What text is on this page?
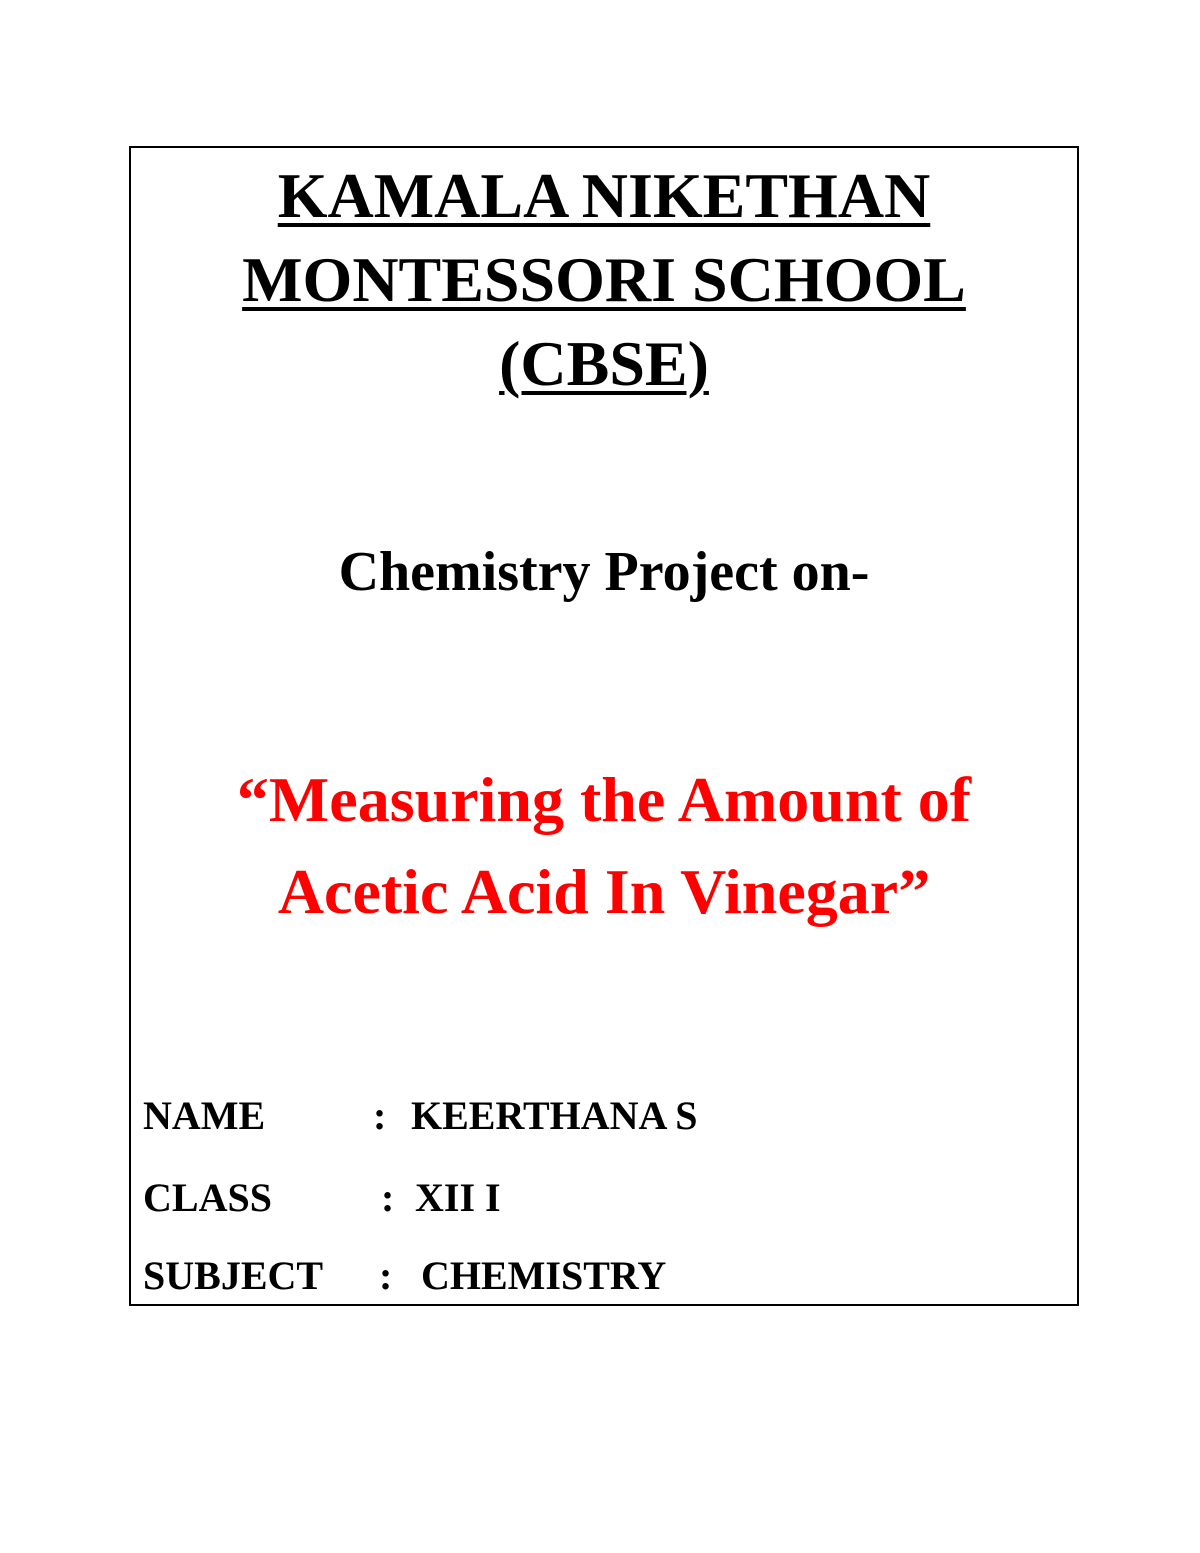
KAMALA NIKETHAN
MONTESSORI SCHOOL
(CBSE)
Chemistry Project on-
“Measuring the Amount of
Acetic Acid In Vinegar”
NAME	: KEERTHANA S
CLASS	: XII I
SUBJECT : CHEMISTRY
